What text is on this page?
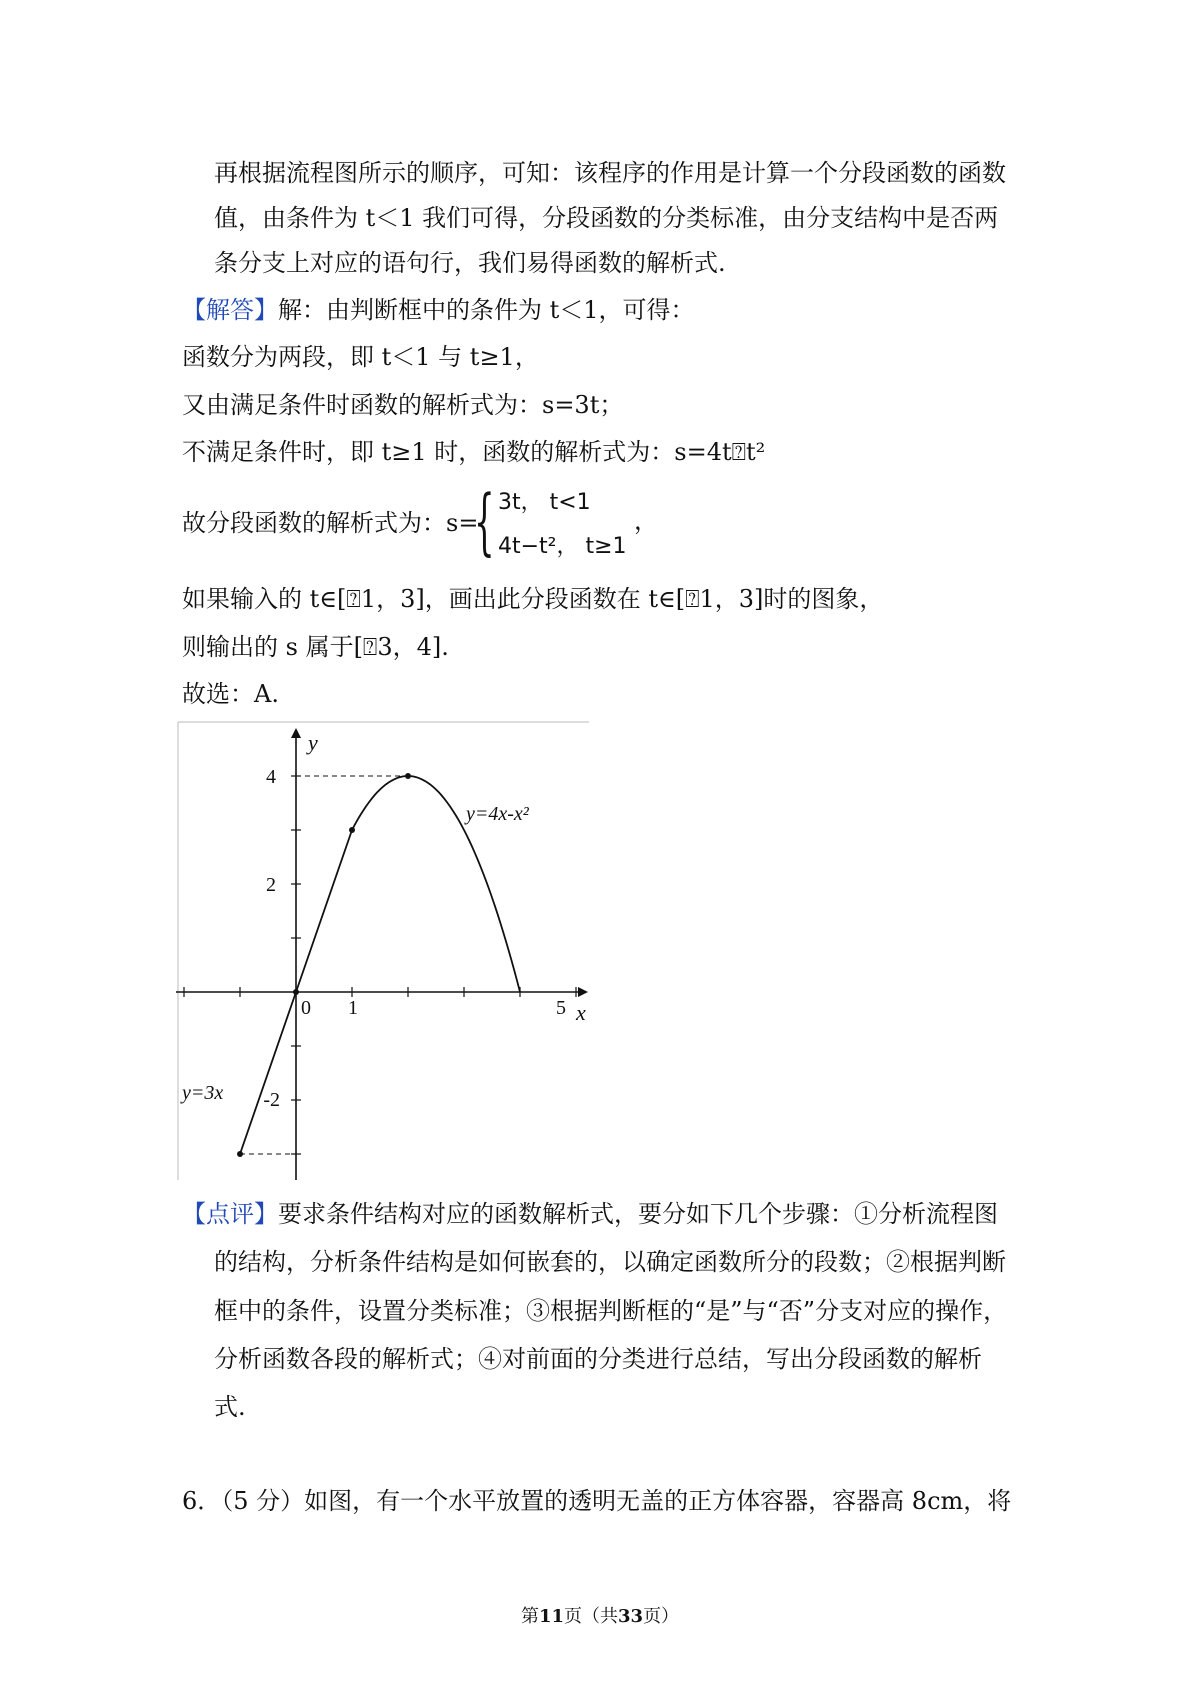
再根据流程图所示的顺序，可知：该程序的作用是计算一个分段函数的函数
值，由条件为 t＜1 我们可得，分段函数的分类标准，由分支结构中是否两
条分支上对应的语句行，我们易得函数的解析式.
【解答】解：由判断框中的条件为 t＜1，可得：
函数分为两段，即 t＜1 与 t≥1，
又由满足条件时函数的解析式为：s=3t；
不满足条件时，即 t≥1 时，函数的解析式为：s=4t⍰t²
故分段函数的解析式为：s=
{ 3t， t<1
4t−t²， t≥1
，
如果输入的 t∈[⍰1，3]，画出此分段函数在 t∈[⍰1，3]时的图象，
则输出的 s 属于[⍰3，4].
故选：A.
4
2
-2
0 1	5
y
x
y=4x-x²
y=3x
【点评】要求条件结构对应的函数解析式，要分如下几个步骤：①分析流程图
的结构，分析条件结构是如何嵌套的，以确定函数所分的段数；②根据判断
框中的条件，设置分类标准；③根据判断框的“是”与“否”分支对应的操作，
分析函数各段的解析式；④对前面的分类进行总结，写出分段函数的解析
式.
6．（5 分）如图，有一个水平放置的透明无盖的正方体容器，容器高 8cm，将
第11页（共33页）
